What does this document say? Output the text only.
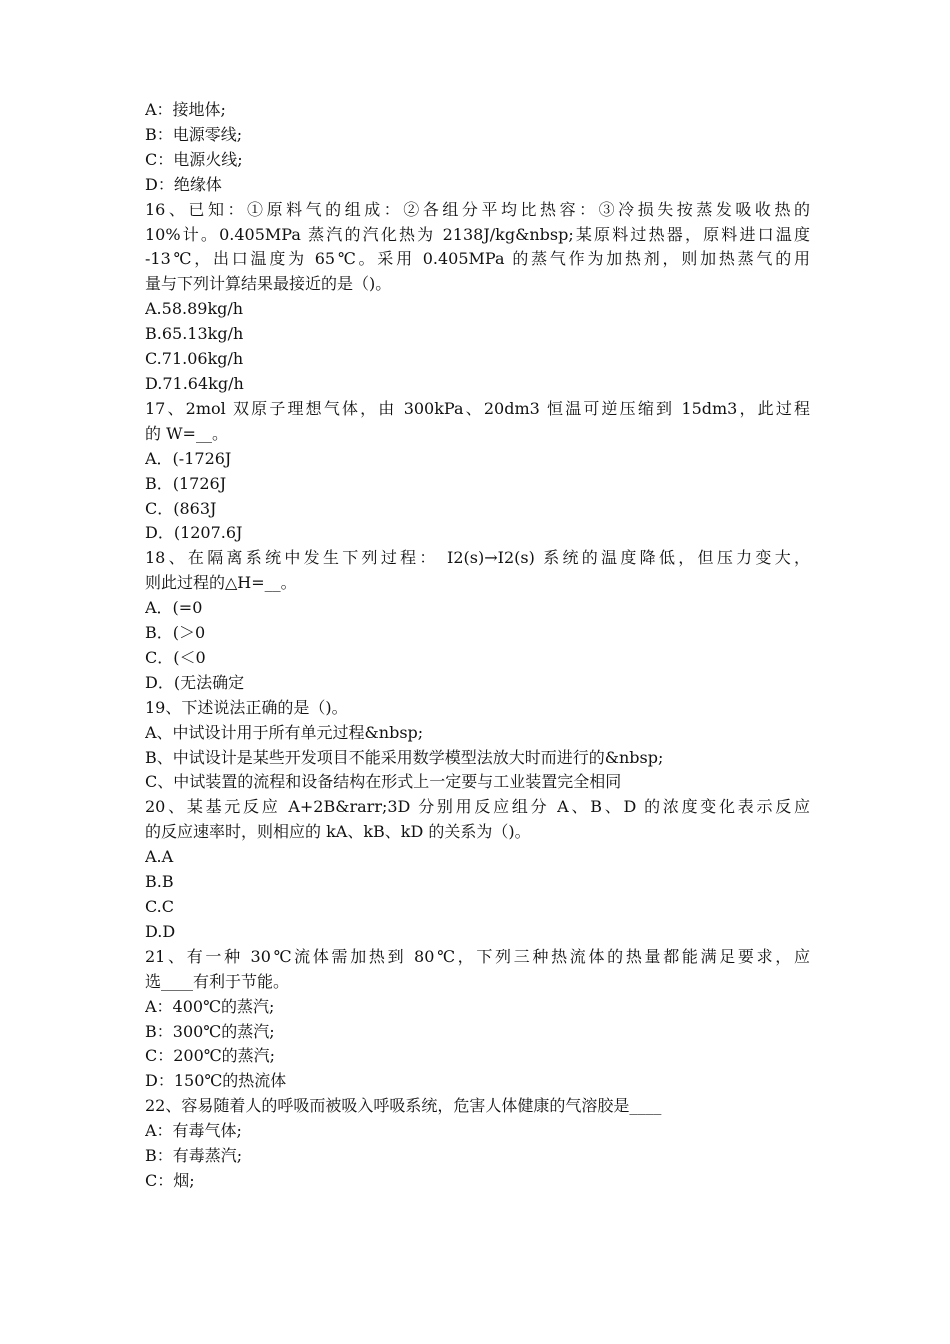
A：接地体;

B：电源零线;

C：电源火线;

D：绝缘体

16、已知：①原料气的组成：②各组分平均比热容：③冷损失按蒸发吸收热的

10%计。0.405MPa 蒸汽的汽化热为 2138J/kg&nbsp;某原料过热器，原料进口温度

-13℃，出口温度为 65℃。采用 0.405MPa 的蒸气作为加热剂，则加热蒸气的用

量与下列计算结果最接近的是（)。

A.58.89kg/h

B.65.13kg/h

C.71.06kg/h

D.71.64kg/h

17、2mol 双原子理想气体，由 300kPa、20dm3 恒温可逆压缩到 15dm3，此过程

的 W=__。

A．(-1726J

B．(1726J

C．(863J

D．(1207.6J

18、在隔离系统中发生下列过程： I2(s)→I2(s) 系统的温度降低，但压力变大，

则此过程的△H=__。

A．(=0

B．(＞0

C．(＜0

D．(无法确定

19、下述说法正确的是（)。

A、中试设计用于所有单元过程&nbsp;

B、中试设计是某些开发项目不能采用数学模型法放大时而进行的&nbsp;

C、中试装置的流程和设备结构在形式上一定要与工业装置完全相同

20、某基元反应 A+2B&rarr;3D 分别用反应组分 A、B、D 的浓度变化表示反应

的反应速率时，则相应的 kA、kB、kD 的关系为（)。

A.A

B.B

C.C

D.D

21、有一种 30℃流体需加热到 80℃，下列三种热流体的热量都能满足要求，应

选____有利于节能。

A：400℃的蒸汽;

B：300℃的蒸汽;

C：200℃的蒸汽;

D：150℃的热流体

22、容易随着人的呼吸而被吸入呼吸系统，危害人体健康的气溶胶是____

A：有毒气体;

B：有毒蒸汽;

C：烟;
